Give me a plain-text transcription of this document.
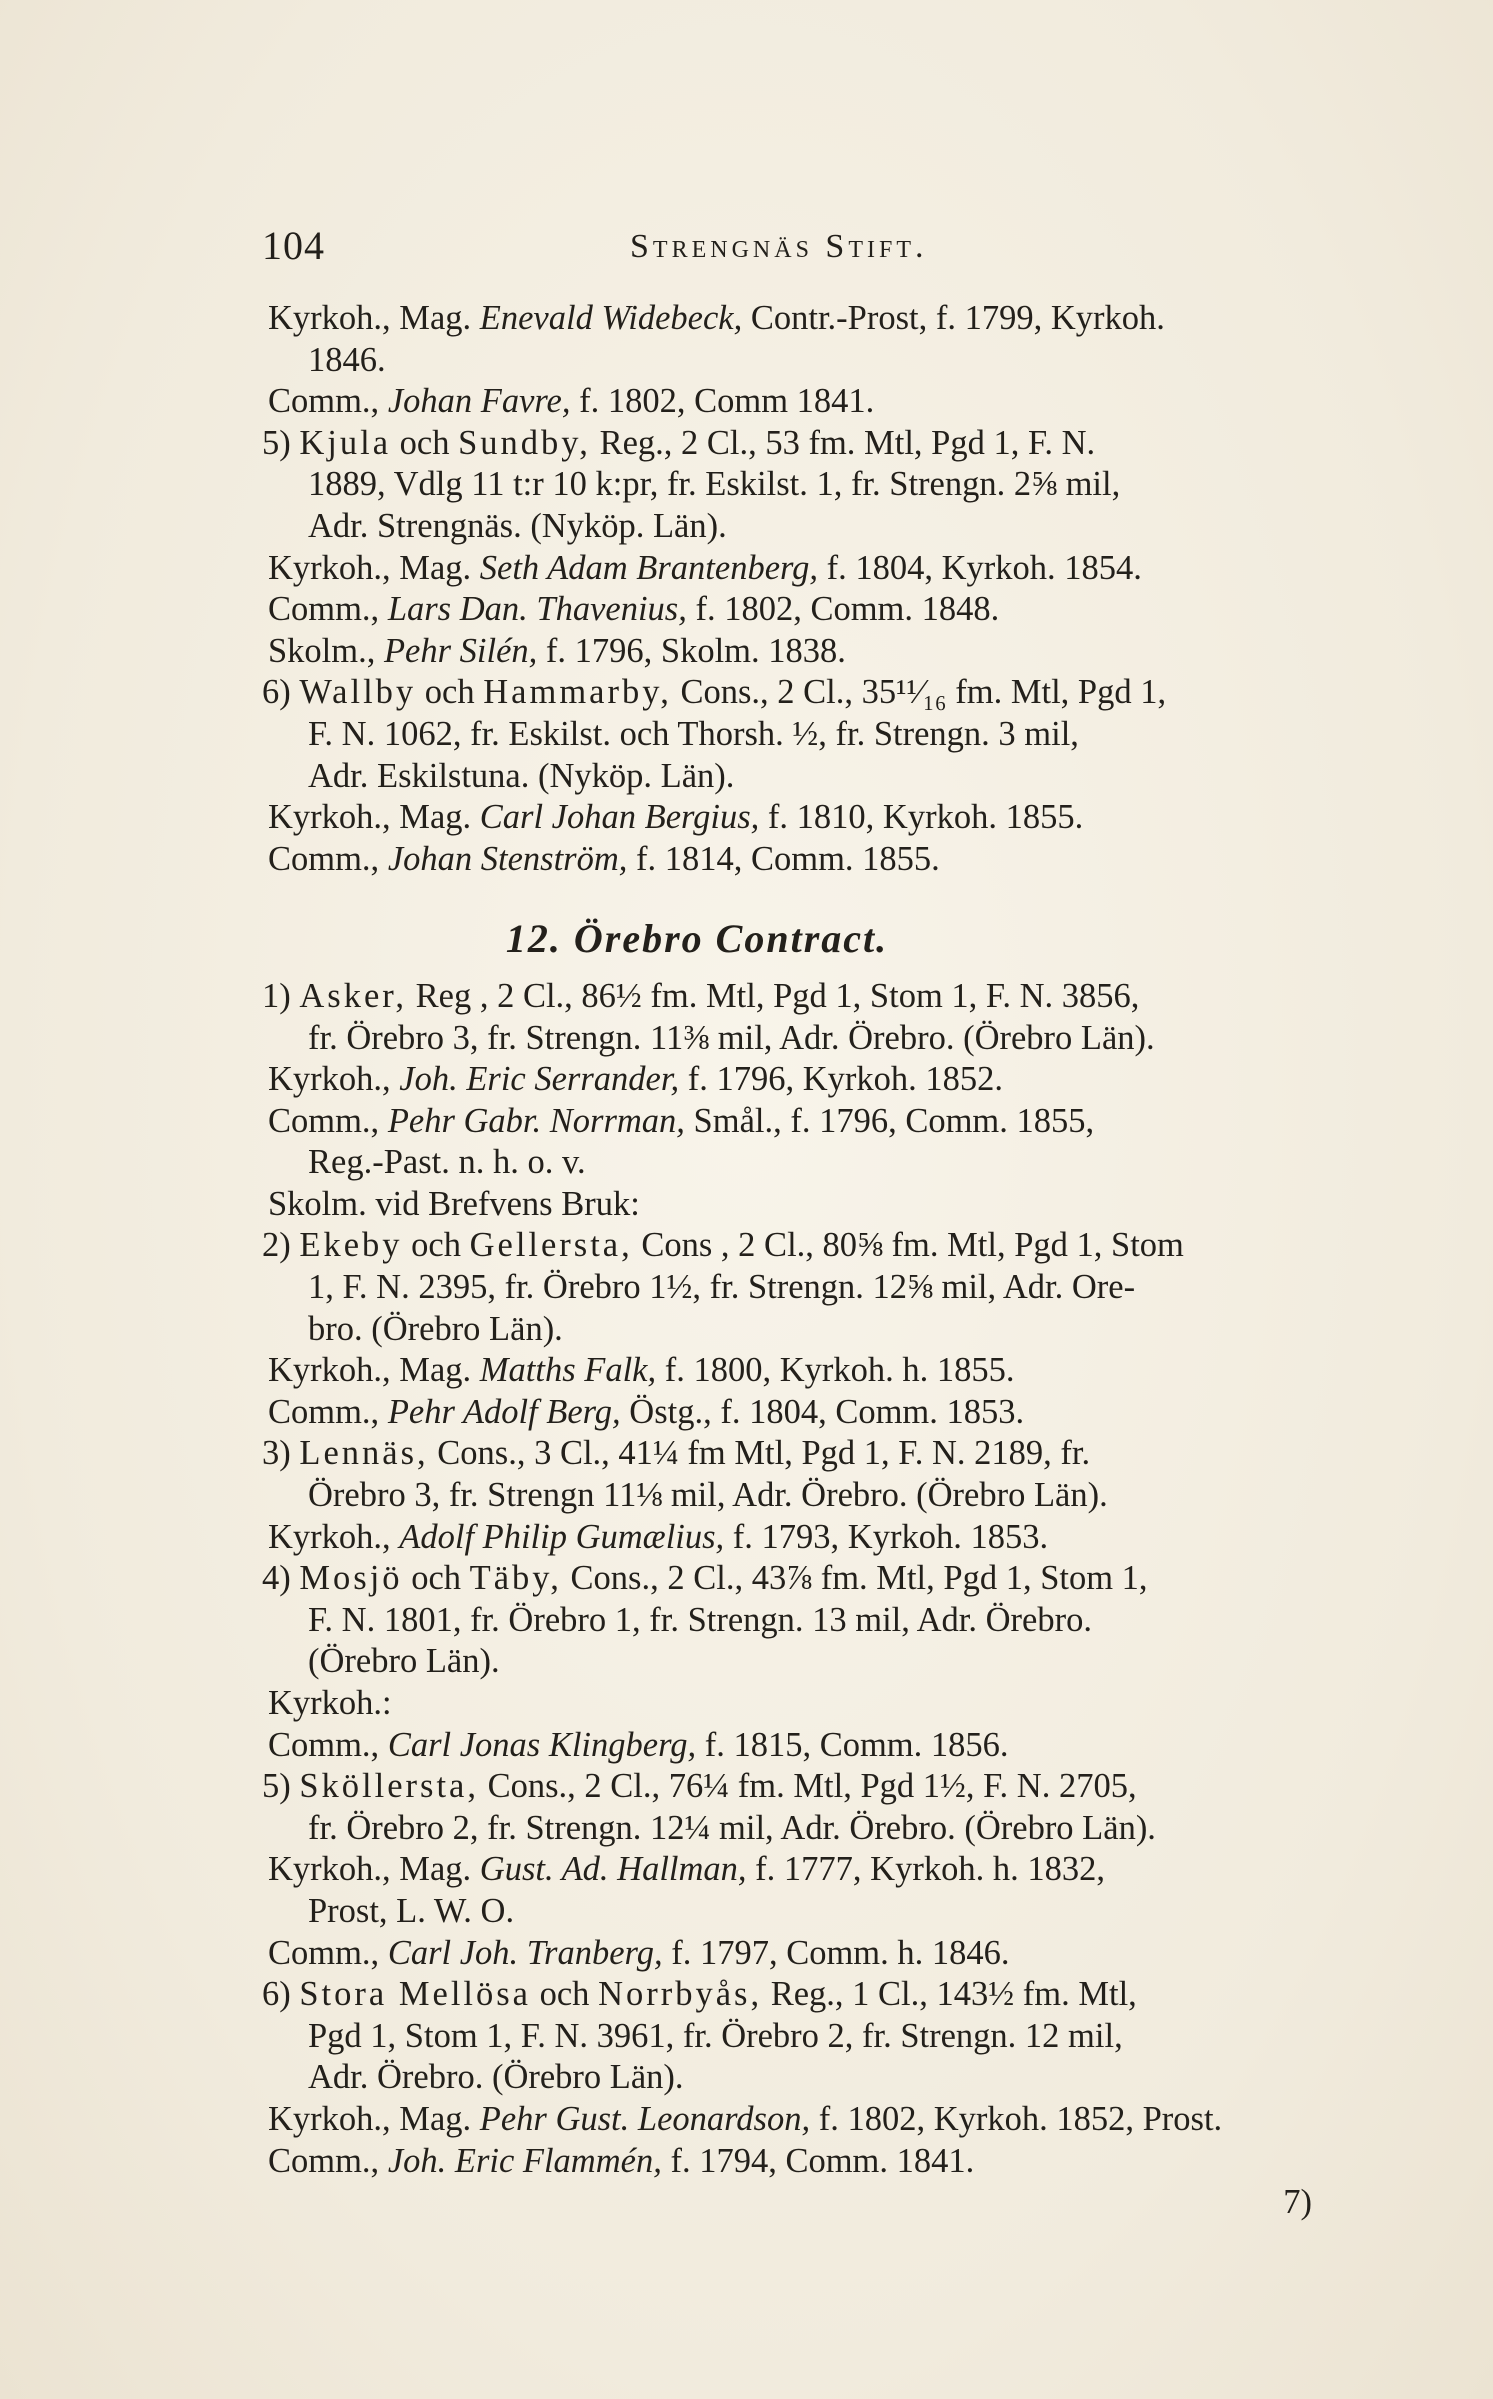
104	Strengnäs Stift.
Kyrkoh., Mag. Enevald Widebeck, Contr.-Prost, f. 1799, Kyrkoh.
1846.
Comm., Johan Favre, f. 1802, Comm 1841.
5) Kjula och Sundby, Reg., 2 Cl., 53 fm. Mtl, Pgd 1, F. N.
1889, Vdlg 11 t:r 10 k:pr, fr. Eskilst. 1, fr. Strengn. 2⅝ mil,
Adr. Strengnäs. (Nyköp. Län).
Kyrkoh., Mag. Seth Adam Brantenberg, f. 1804, Kyrkoh. 1854.
Comm., Lars Dan. Thavenius, f. 1802, Comm. 1848.
Skolm., Pehr Silén, f. 1796, Skolm. 1838.
6) Wallby och Hammarby, Cons., 2 Cl., 35¹¹⁄₁₆ fm. Mtl, Pgd 1,
F. N. 1062, fr. Eskilst. och Thorsh. ½, fr. Strengn. 3 mil,
Adr. Eskilstuna. (Nyköp. Län).
Kyrkoh., Mag. Carl Johan Bergius, f. 1810, Kyrkoh. 1855.
Comm., Johan Stenström, f. 1814, Comm. 1855.
12. Örebro Contract.
1) Asker, Reg , 2 Cl., 86½ fm. Mtl, Pgd 1, Stom 1, F. N. 3856,
fr. Örebro 3, fr. Strengn. 11⅜ mil, Adr. Örebro. (Örebro Län).
Kyrkoh., Joh. Eric Serrander, f. 1796, Kyrkoh. 1852.
Comm., Pehr Gabr. Norrman, Smål., f. 1796, Comm. 1855,
Reg.-Past. n. h. o. v.
Skolm. vid Brefvens Bruk:
2) Ekeby och Gellersta, Cons , 2 Cl., 80⅝ fm. Mtl, Pgd 1, Stom
1, F. N. 2395, fr. Örebro 1½, fr. Strengn. 12⅝ mil, Adr. Ore-
bro. (Örebro Län).
Kyrkoh., Mag. Matths Falk, f. 1800, Kyrkoh. h. 1855.
Comm., Pehr Adolf Berg, Östg., f. 1804, Comm. 1853.
3) Lennäs, Cons., 3 Cl., 41¼ fm Mtl, Pgd 1, F. N. 2189, fr.
Örebro 3, fr. Strengn 11⅛ mil, Adr. Örebro. (Örebro Län).
Kyrkoh., Adolf Philip Gumælius, f. 1793, Kyrkoh. 1853.
4) Mosjö och Täby, Cons., 2 Cl., 43⅞ fm. Mtl, Pgd 1, Stom 1,
F. N. 1801, fr. Örebro 1, fr. Strengn. 13 mil, Adr. Örebro.
(Örebro Län).
Kyrkoh.:
Comm., Carl Jonas Klingberg, f. 1815, Comm. 1856.
5) Sköllersta, Cons., 2 Cl., 76¼ fm. Mtl, Pgd 1½, F. N. 2705,
fr. Örebro 2, fr. Strengn. 12¼ mil, Adr. Örebro. (Örebro Län).
Kyrkoh., Mag. Gust. Ad. Hallman, f. 1777, Kyrkoh. h. 1832,
Prost, L. W. O.
Comm., Carl Joh. Tranberg, f. 1797, Comm. h. 1846.
6) Stora Mellösa och Norrbyås, Reg., 1 Cl., 143½ fm. Mtl,
Pgd 1, Stom 1, F. N. 3961, fr. Örebro 2, fr. Strengn. 12 mil,
Adr. Örebro. (Örebro Län).
Kyrkoh., Mag. Pehr Gust. Leonardson, f. 1802, Kyrkoh. 1852, Prost.
Comm., Joh. Eric Flammén, f. 1794, Comm. 1841.
7)
